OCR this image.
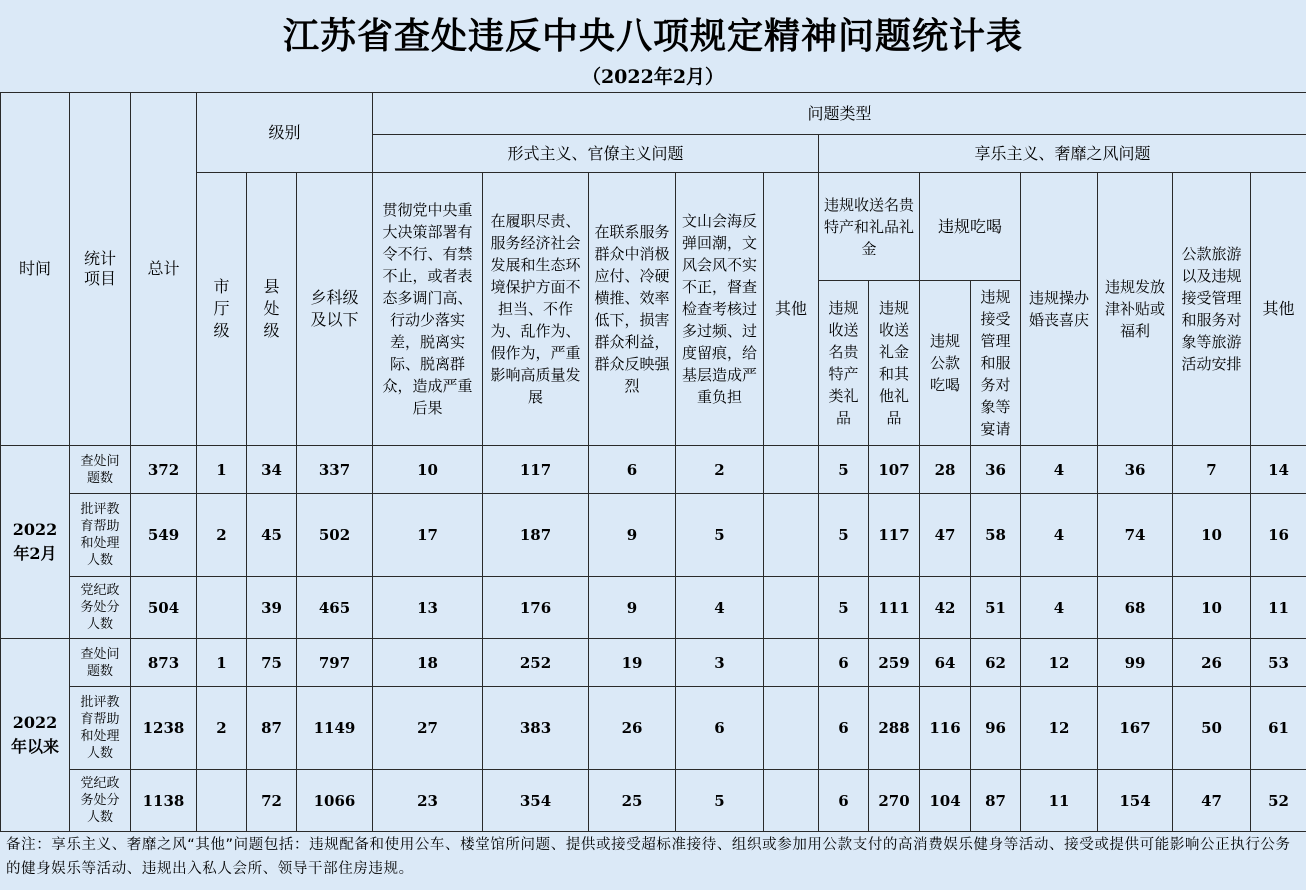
江苏省查处违反中央八项规定精神问题统计表
（2022年2月）
时间	统计项目	总计	级别			问题类型												
						形式主义、官僚主义问题					享乐主义、奢靡之风问题							
			市厅级	县处级	乡科级及以下	贯彻党中央重大决策部署有令不行、有禁不止，或者表态多调门高、行动少落实差，脱离实际、脱离群众，造成严重后果	在履职尽责、服务经济社会发展和生态环境保护方面不担当、不作为、乱作为、假作为，严重影响高质量发展	在联系服务群众中消极应付、冷硬横推、效率低下，损害群众利益，群众反映强烈	文山会海反弹回潮，文风会风不实不正，督查检查考核过多过频、过度留痕，给基层造成严重负担	其他	违规收送名贵特产和礼品礼金		违规吃喝		违规操办婚丧喜庆	违规发放津补贴或福利	公款旅游以及违规接受管理和服务对象等旅游活动安排	其他

											违规收送名贵特产类礼品	违规收送礼金和其他礼品	违规公款吃喝	违规接受管理和服务对象等宴请				

2022年2月	查处问题数	372	1	34	337	10	117	6	2		5	107	28	36	4	36	7	14
	批评教育帮助和处理人数	549	2	45	502	17	187	9	5		5	117	47	58	4	74	10	16
	党纪政务处分人数	504		39	465	13	176	9	4		5	111	42	51	4	68	10	11
2022年以来	查处问题数	873	1	75	797	18	252	19	3		6	259	64	62	12	99	26	53
	批评教育帮助和处理人数	1238	2	87	1149	27	383	26	6		6	288	116	96	12	167	50	61
	党纪政务处分人数	1138		72	1066	23	354	25	5		6	270	104	87	11	154	47	52
备注：享乐主义、奢靡之风“其他”问题包括：违规配备和使用公车、楼堂馆所问题、提供或接受超标准接待、组织或参加用公款支付的高消费娱乐健身等活动、接受或提供可能影响公正执行公务的健身娱乐等活动、违规出入私人会所、领导干部住房违规。
